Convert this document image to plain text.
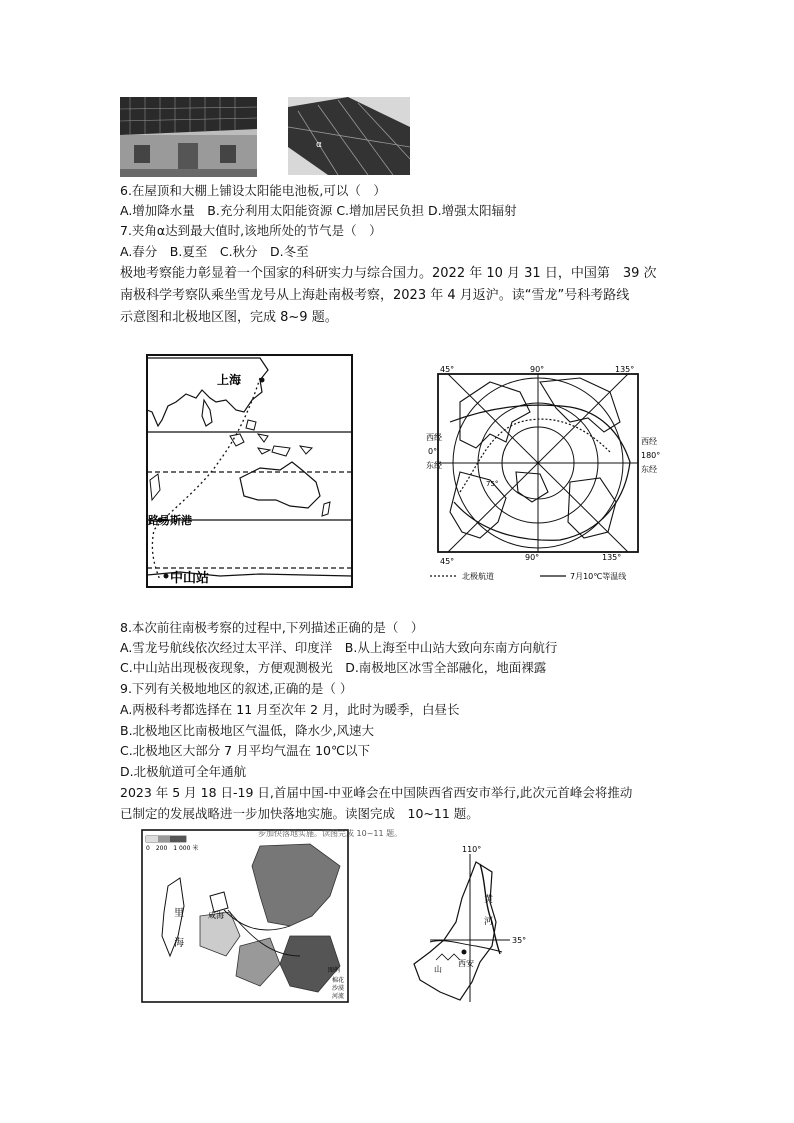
α
6.在屋顶和大棚上铺设太阳能电池板,可以（　）
A.增加降水量　B.充分利用太阳能资源 C.增加居民负担 D.增强太阳辐射
7.夹角α达到最大值时,该地所处的节气是（　）
A.春分　B.夏至　C.秋分　D.冬至
极地考察能力彰显着一个国家的科研实力与综合国力。2022 年 10 月 31 日，中国第　39 次
南极科学考察队乘坐雪龙号从上海赴南极考察，2023 年 4 月返沪。读“雪龙”号科考路线
示意图和北极地区图，完成 8~9 题。
上海
路易斯港
中山站
45°	90°	135°
西经
0°
东经
西经
180°
东经
75°
45°	90°	135°
北极航道	7月10℃等温线
8.本次前往南极考察的过程中,下列描述正确的是（　）
A.雪龙号航线依次经过太平洋、印度洋　B.从上海至中山站大致向东南方向航行
C.中山站出现极夜现象，方便观测极光　D.南极地区冰雪全部融化，地面裸露
9.下列有关极地地区的叙述,正确的是（ ）
A.两极科考都选择在 11 月至次年 2 月，此时为暖季，白昼长
B.北极地区比南极地区气温低，降水少,风速大
C.北极地区大部分 7 月平均气温在 10℃以下
D.北极航道可全年通航
2023 年 5 月 18 日-19 日,首届中国-中亚峰会在中国陕西省西安市举行,此次元首峰会将推动
已制定的发展战略进一步加快落地实施。读图完成　10~11 题。
步加快落地实施。读图完成 10~11 题。
0　200　1 000 米
里
海
咸海
图例
棉花
沙漠
河流
110°
35°
西安
黄
河
山
